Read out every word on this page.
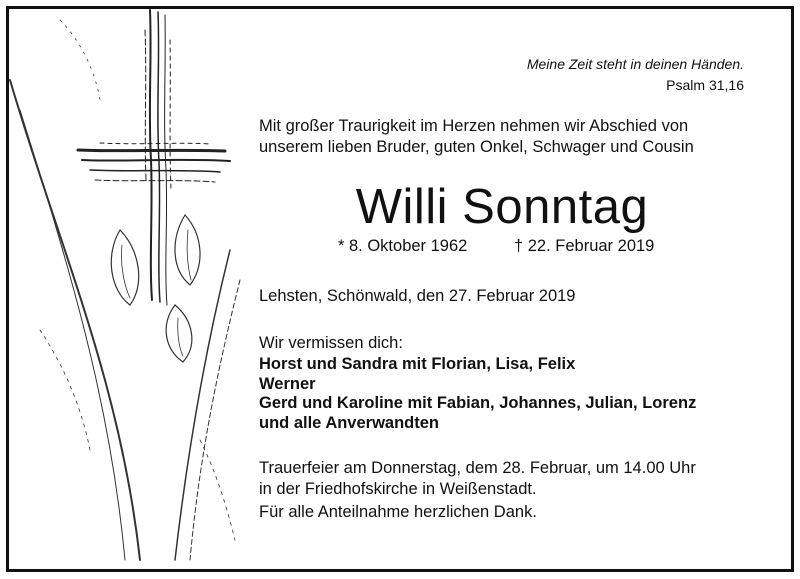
Meine Zeit steht in deinen Händen.
Psalm 31,16
Mit großer Traurigkeit im Herzen nehmen wir Abschied von
unserem lieben Bruder, guten Onkel, Schwager und Cousin
Willi Sonntag
* 8. Oktober 1962	† 22. Februar 2019
Lehsten, Schönwald, den 27. Februar 2019
Wir vermissen dich:
Horst und Sandra mit Florian, Lisa, Felix
Werner
Gerd und Karoline mit Fabian, Johannes, Julian, Lorenz
und alle Anverwandten
Trauerfeier am Donnerstag, dem 28. Februar, um 14.00 Uhr
in der Friedhofskirche in Weißenstadt.
Für alle Anteilnahme herzlichen Dank.
